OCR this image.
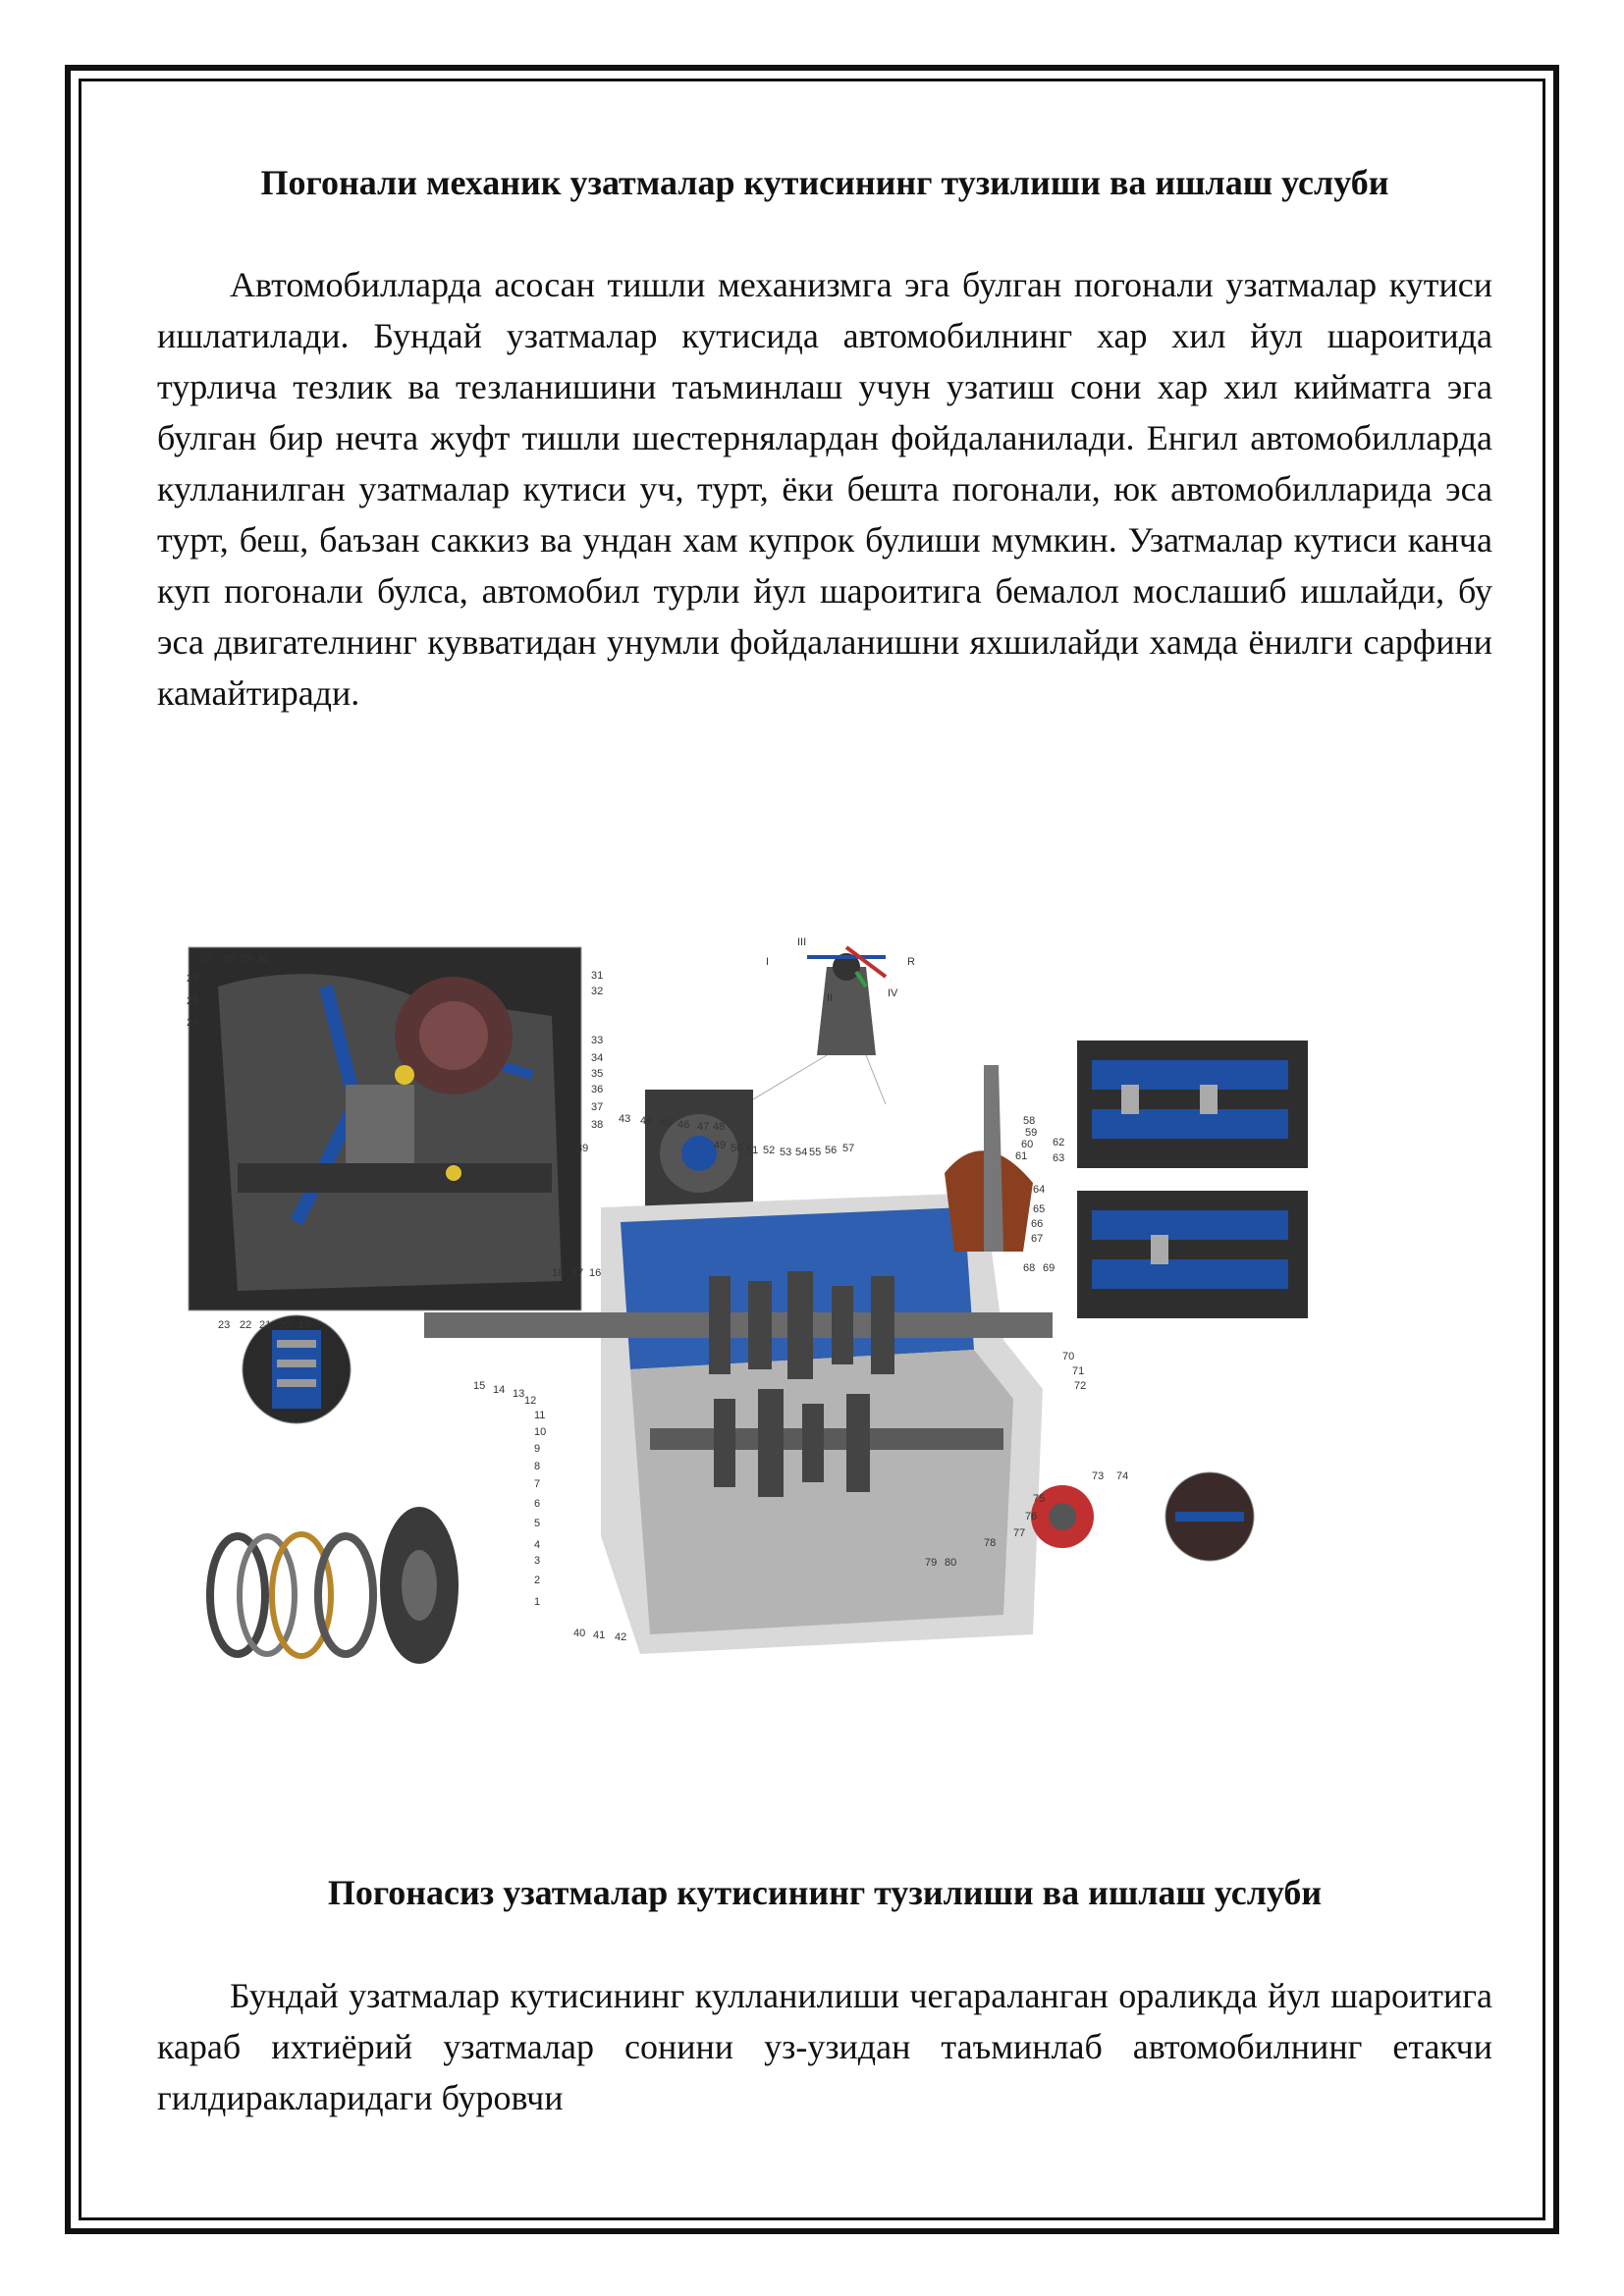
Погонали механик узатмалар кутисининг тузилиши ва ишлаш услуби

Автомобилларда асосан тишли механизмга эга булган погонали узатмалар кутиси ишлатилади. Бундай узатмалар кутисида автомобилнинг хар хил йул шароитида турлича тезлик ва тезланишини таъминлаш учун узатиш сони хар хил кийматга эга булган бир нечта жуфт тишли шестернялардан фойдаланилади. Енгил автомобилларда кулланилган узатмалар кутиси уч, турт, ёки бешта погонали, юк автомобилларида эса турт, беш, баъзан саккиз ва ундан хам купрок булиши мумкин. Узатмалар кутиси канча куп погонали булса, автомобил турли йул шароитига бемалол мослашиб ишлайди, бу эса двигателнинг кувватидан унумли фойдаланишни яхшилайди хамда ёнилги сарфини камайтиради.

27 28 29 30
26
25
24
31
32
33
34
35
36
37
38
39
23 22 21 20 19
18 17 16
15 14 13
12
11
10
9
8
7
6
5
4
3
2
1
40 41 42
43 44 45 46 47 48
49 50 51 52 53 54 55 56 57
58
59
60
61
62
63
64
65
66
67
68 69
70
71
72
73 74
75
76
77
78
79 80
III
I	R
IV
II
Погонасиз узатмалар кутисининг тузилиши ва ишлаш услуби

Бундай узатмалар кутисининг кулланилиши чегараланган ораликда йул шароитига караб ихтиёрий узатмалар сонини уз-узидан таъминлаб автомобилнинг етакчи гилдиракларидаги буровчи
